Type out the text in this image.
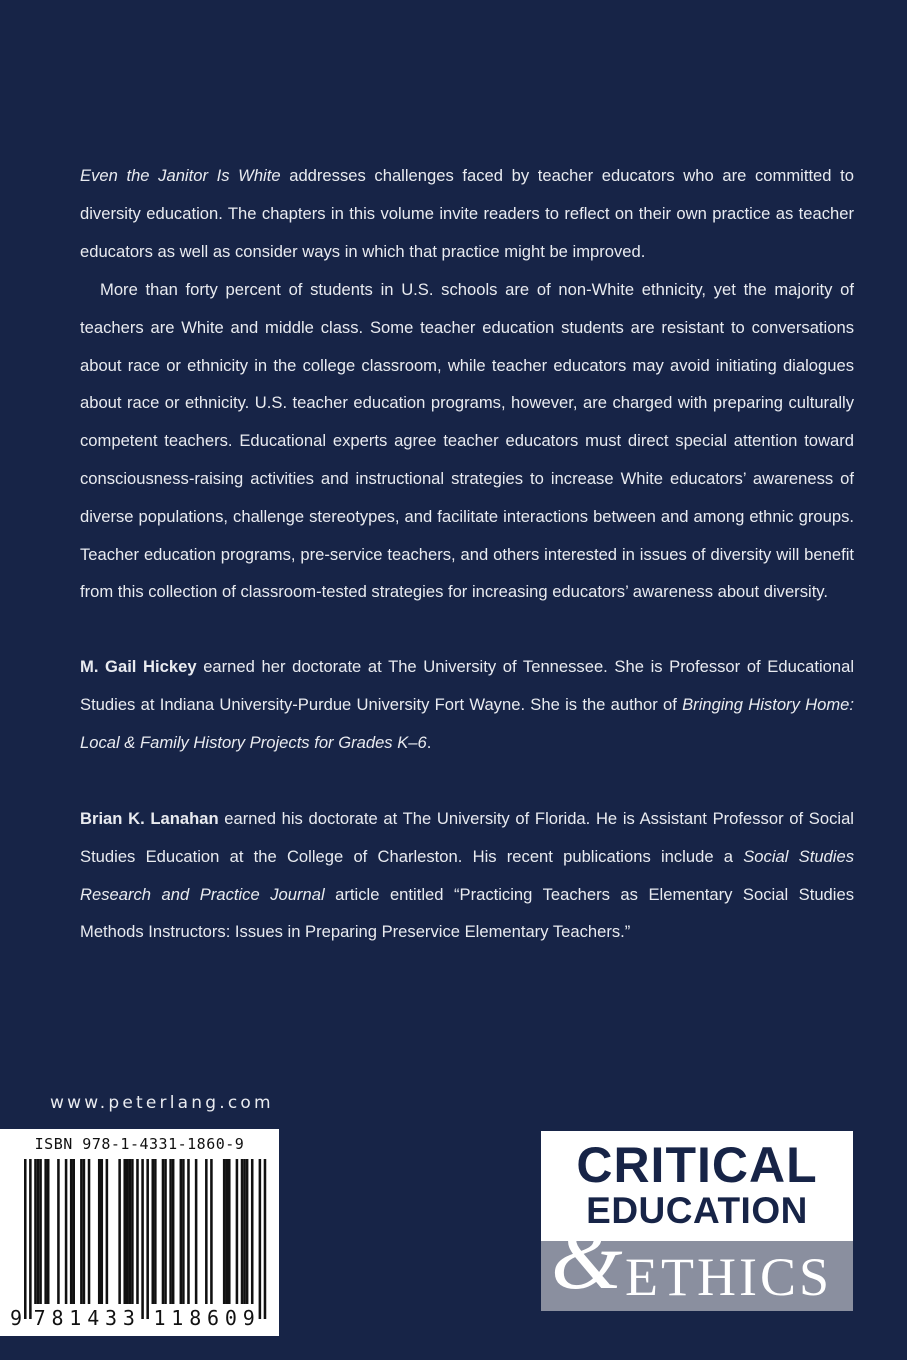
Even the Janitor Is White addresses challenges faced by teacher educators who are committed to diversity education. The chapters in this volume invite readers to reflect on their own practice as teacher educators as well as consider ways in which that practice might be improved.

More than forty percent of students in U.S. schools are of non-White ethnicity, yet the majority of teachers are White and middle class. Some teacher education students are resistant to conversations about race or ethnicity in the college classroom, while teacher educators may avoid initiating dialogues about race or ethnicity. U.S. teacher education programs, however, are charged with preparing culturally competent teachers. Educational experts agree teacher educators must direct special attention toward consciousness-raising activities and instructional strategies to increase White educators’ awareness of diverse populations, challenge stereotypes, and facilitate interactions between and among ethnic groups. Teacher education programs, pre-service teachers, and others interested in issues of diversity will benefit from this collection of classroom-tested strategies for increasing educators’ awareness about diversity.

M. Gail Hickey earned her doctorate at The University of Tennessee. She is Professor of Educational Studies at Indiana University-Purdue University Fort Wayne. She is the author of Bringing History Home: Local & Family History Projects for Grades K–6.

Brian K. Lanahan earned his doctorate at The University of Florida. He is Assistant Professor of Social Studies Education at the College of Charleston. His recent publications include a Social Studies Research and Practice Journal article entitled “Practicing Teachers as Elementary Social Studies Methods Instructors: Issues in Preparing Preservice Elementary Teachers.”

www.peterlang.com
ISBN 978-1-4331-1860-9
9 7 8 1 4 3 3 1 1 8 6 0 9
CRITICAL
EDUCATION
& ETHICS
